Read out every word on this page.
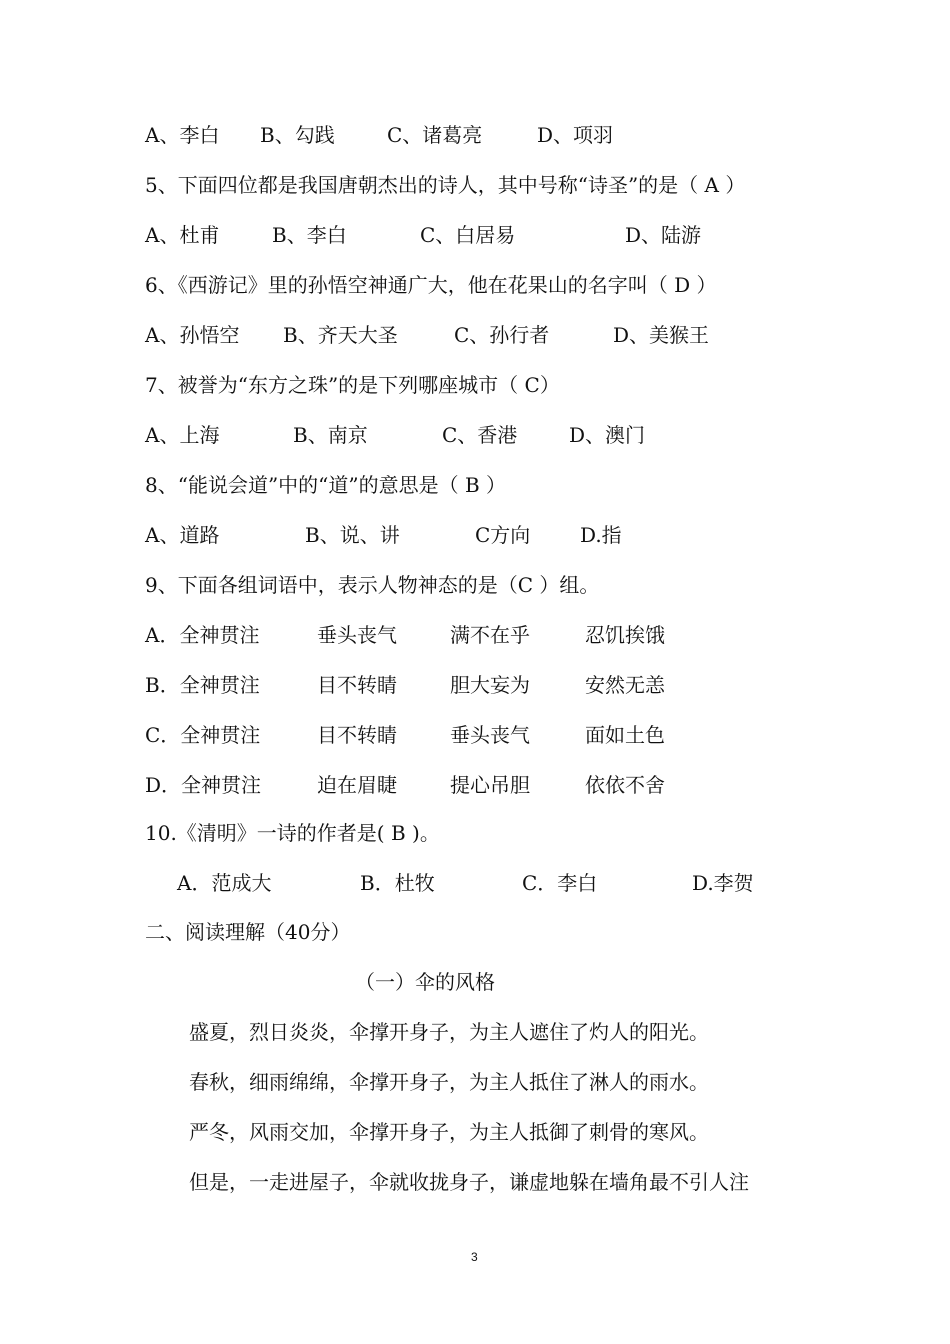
A、李白 B、勾践	C、诸葛亮	D、项羽
5、下面四位都是我国唐朝杰出的诗人，其中号称“诗圣”的是（ A ）
A、杜甫	B、李白	C、白居易	D、陆游
6、《西游记》里的孙悟空神通广大，他在花果山的名字叫（ D ）
A、孙悟空 B、齐天大圣	C、孙行者	D、美猴王
7、被誉为“东方之珠”的是下列哪座城市（ C）
A、上海	B、南京	C、香港	D、澳门
8、“能说会道”中的“道”的意思是（ B ）
A、道路	B、说、讲	C方向 D.指
9、下面各组词语中，表示人物神态的是（C ）组。
A．全神贯注	垂头丧气	满不在乎	忍饥挨饿
B．全神贯注	目不转睛	胆大妄为	安然无恙
C．全神贯注	目不转睛	垂头丧气	面如土色
D．全神贯注	迫在眉睫	提心吊胆	依依不舍
10.《清明》一诗的作者是( B )。
A．范成大	B．杜牧	C．李白	D.李贺
二、阅读理解（40分）
（一）伞的风格
盛夏，烈日炎炎，伞撑开身子，为主人遮住了灼人的阳光。
春秋，细雨绵绵，伞撑开身子，为主人抵住了淋人的雨水。
严冬，风雨交加，伞撑开身子，为主人抵御了刺骨的寒风。
但是，一走进屋子，伞就收拢身子，谦虚地躲在墙角最不引人注
3
